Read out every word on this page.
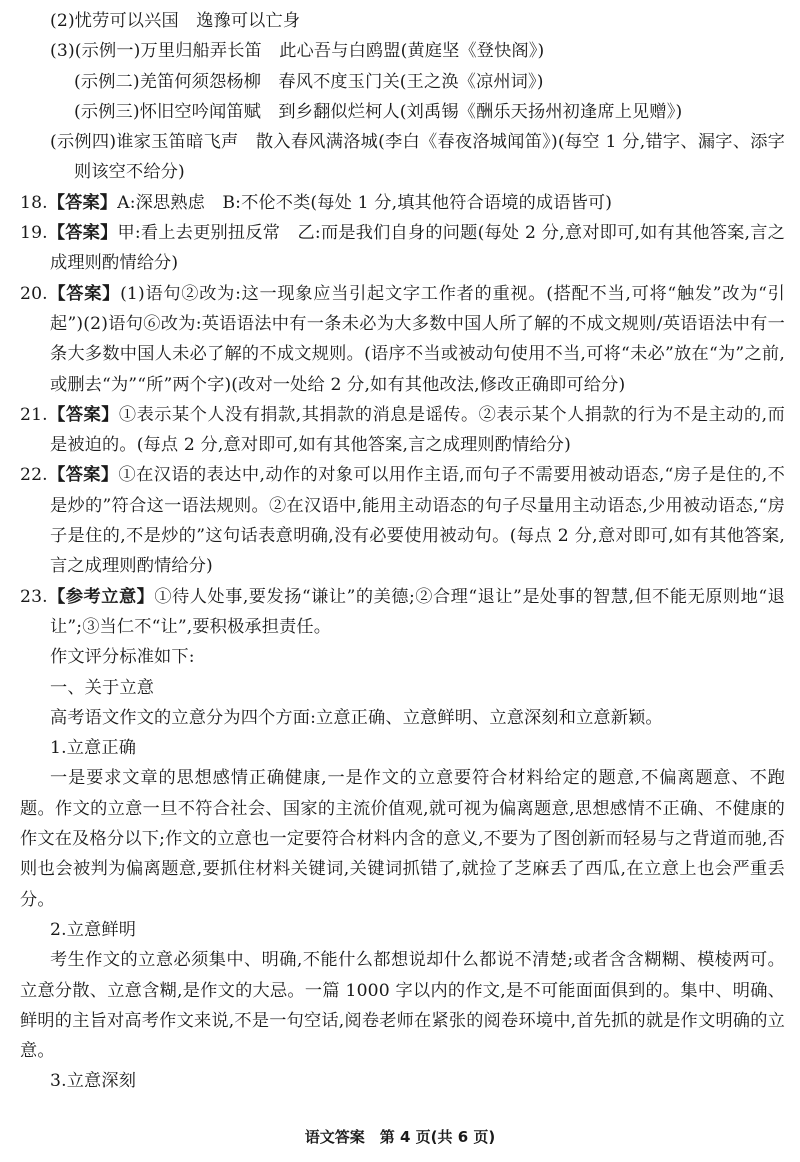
(2)忧劳可以兴国　逸豫可以亡身

(3)(示例一)万里归船弄长笛　此心吾与白鸥盟(黄庭坚《登快阁》)

(示例二)羌笛何须怨杨柳　春风不度玉门关(王之涣《凉州词》)

(示例三)怀旧空吟闻笛赋　到乡翻似烂柯人(刘禹锡《酬乐天扬州初逢席上见赠》)

(示例四)谁家玉笛暗飞声　散入春风满洛城(李白《春夜洛城闻笛》)(每空 1 分,错字、漏字、添字则该空不给分)

18.【答案】A:深思熟虑　B:不伦不类(每处 1 分,填其他符合语境的成语皆可)

19.【答案】甲:看上去更别扭反常　乙:而是我们自身的问题(每处 2 分,意对即可,如有其他答案,言之成理则酌情给分)

20.【答案】(1)语句②改为:这一现象应当引起文字工作者的重视。(搭配不当,可将“触发”改为“引起”)(2)语句⑥改为:英语语法中有一条未必为大多数中国人所了解的不成文规则/英语语法中有一条大多数中国人未必了解的不成文规则。(语序不当或被动句使用不当,可将“未必”放在“为”之前,或删去“为”“所”两个字)(改对一处给 2 分,如有其他改法,修改正确即可给分)

21.【答案】①表示某个人没有捐款,其捐款的消息是谣传。②表示某个人捐款的行为不是主动的,而是被迫的。(每点 2 分,意对即可,如有其他答案,言之成理则酌情给分)

22.【答案】①在汉语的表达中,动作的对象可以用作主语,而句子不需要用被动语态,“房子是住的,不是炒的”符合这一语法规则。②在汉语中,能用主动语态的句子尽量用主动语态,少用被动语态,“房子是住的,不是炒的”这句话表意明确,没有必要使用被动句。(每点 2 分,意对即可,如有其他答案,言之成理则酌情给分)

23.【参考立意】①待人处事,要发扬“谦让”的美德;②合理“退让”是处事的智慧,但不能无原则地“退让”;③当仁不“让”,要积极承担责任。

作文评分标准如下:

一、关于立意

高考语文作文的立意分为四个方面:立意正确、立意鲜明、立意深刻和立意新颖。

1.立意正确

一是要求文章的思想感情正确健康,一是作文的立意要符合材料给定的题意,不偏离题意、不跑题。作文的立意一旦不符合社会、国家的主流价值观,就可视为偏离题意,思想感情不正确、不健康的作文在及格分以下;作文的立意也一定要符合材料内含的意义,不要为了图创新而轻易与之背道而驰,否则也会被判为偏离题意,要抓住材料关键词,关键词抓错了,就捡了芝麻丢了西瓜,在立意上也会严重丢分。

2.立意鲜明

考生作文的立意必须集中、明确,不能什么都想说却什么都说不清楚;或者含含糊糊、模棱两可。立意分散、立意含糊,是作文的大忌。一篇 1000 字以内的作文,是不可能面面俱到的。集中、明确、鲜明的主旨对高考作文来说,不是一句空话,阅卷老师在紧张的阅卷环境中,首先抓的就是作文明确的立意。

3.立意深刻

语文答案　第 4 页(共 6 页)
